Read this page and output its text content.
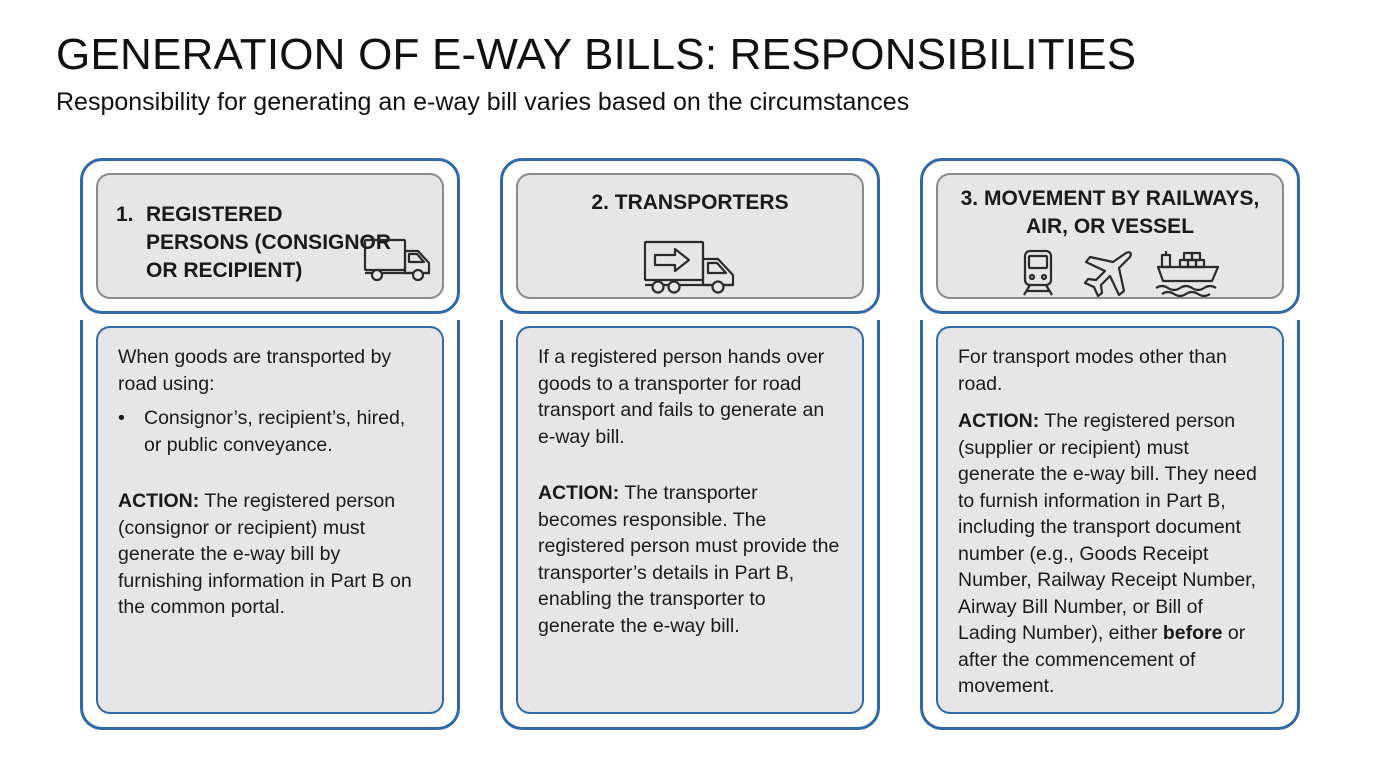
GENERATION OF E-WAY BILLS: RESPONSIBILITIES
Responsibility for generating an e-way bill varies based on the circumstances
1. REGISTERED
PERSONS (CONSIGNOR
OR RECIPIENT)

When goods are transported by road using:

• Consignor’s, recipient’s, hired, or public conveyance.

ACTION: The registered person (consignor or recipient) must generate the e-way bill by furnishing information in Part B on the common portal.

2. TRANSPORTERS

If a registered person hands over goods to a transporter for road transport and fails to generate an e-way bill.

ACTION: The transporter becomes responsible. The registered person must provide the transporter’s details in Part B, enabling the transporter to generate the e-way bill.

3. MOVEMENT BY RAILWAYS,
AIR, OR VESSEL

For transport modes other than road.

ACTION: The registered person (supplier or recipient) must generate the e-way bill. They need to furnish information in Part B, including the transport document number (e.g., Goods Receipt Number, Railway Receipt Number, Airway Bill Number, or Bill of Lading Number), either before or after the commencement of movement.
